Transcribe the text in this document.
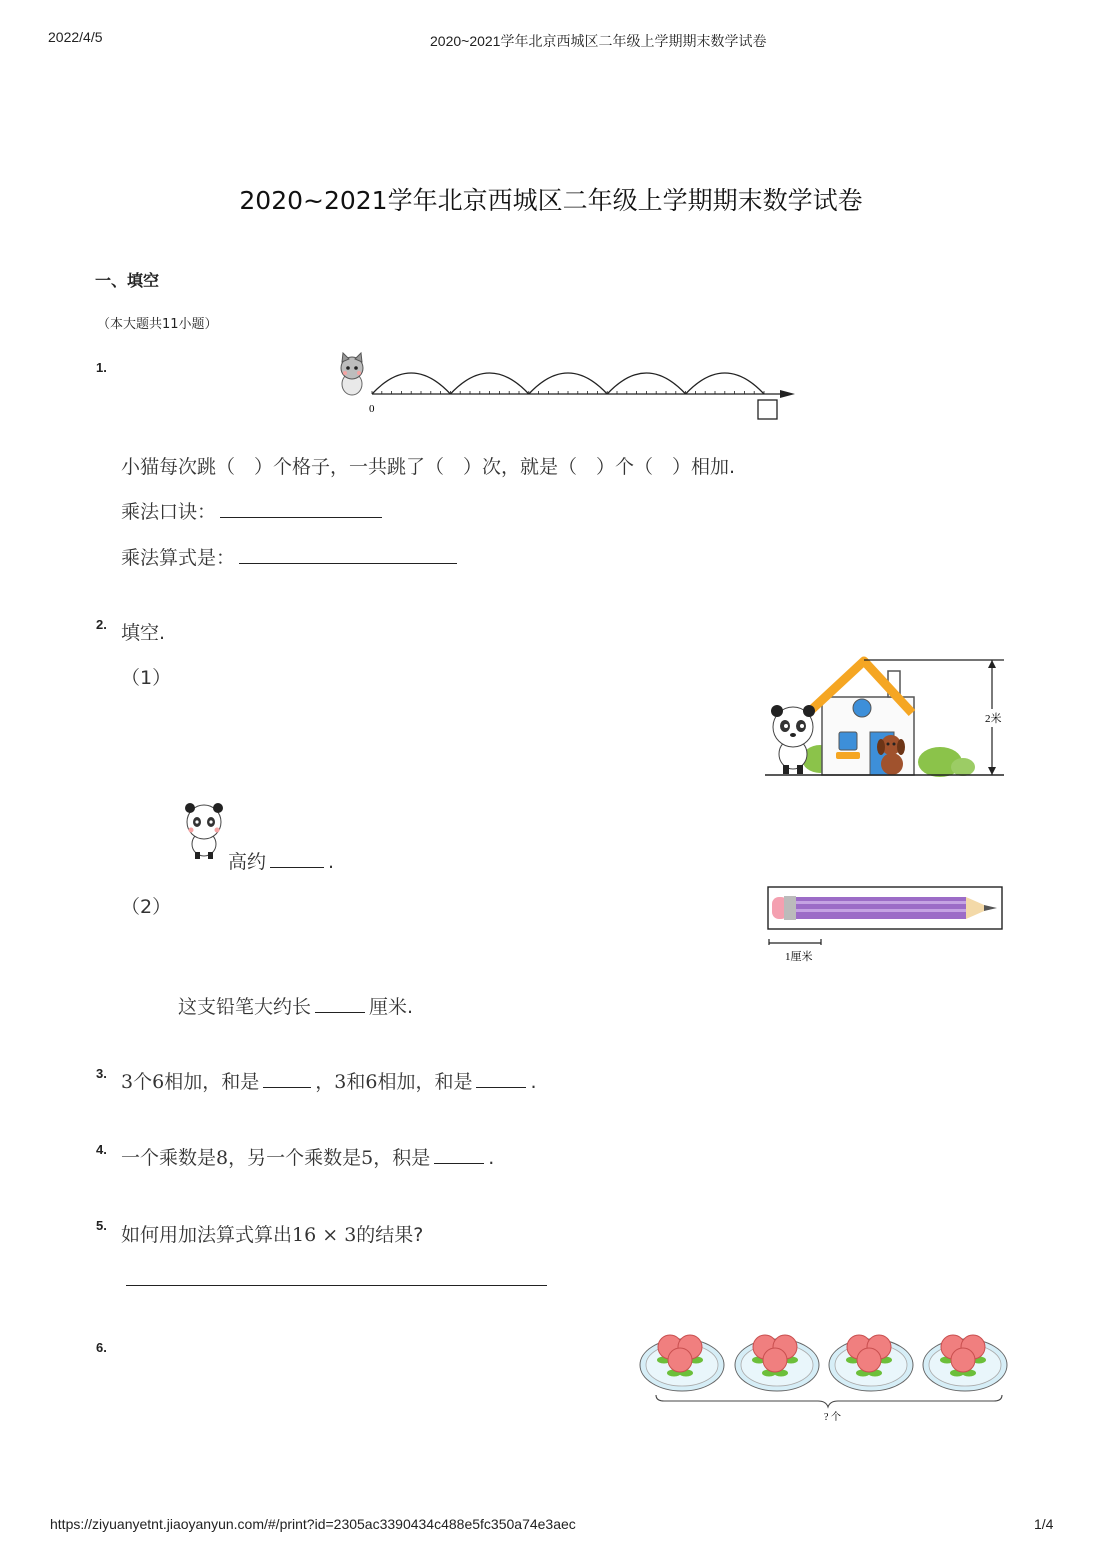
2022/4/5	2020~2021学年北京西城区二年级上学期期末数学试卷
2020~2021学年北京西城区二年级上学期期末数学试卷
一、填空
（本大题共11小题）
1.
0
小猫每次跳（　）个格子，一共跳了（　）次，就是（　）个（　）相加.
乘法口诀：
乘法算式是：
2. 填空.
（1）
2米
高约	.
（2）
1厘米
这支铅笔大约长	厘米.
3. 3个6相加，和是	，3和6相加，和是	.
4. 一个乘数是8，另一个乘数是5，积是	.
5. 如何用加法算式算出16 × 3的结果?
6.
? 个
https://ziyuanyetnt.jiaoyanyun.com/#/print?id=2305ac3390434c488e5fc350a74e3aec	1/4
